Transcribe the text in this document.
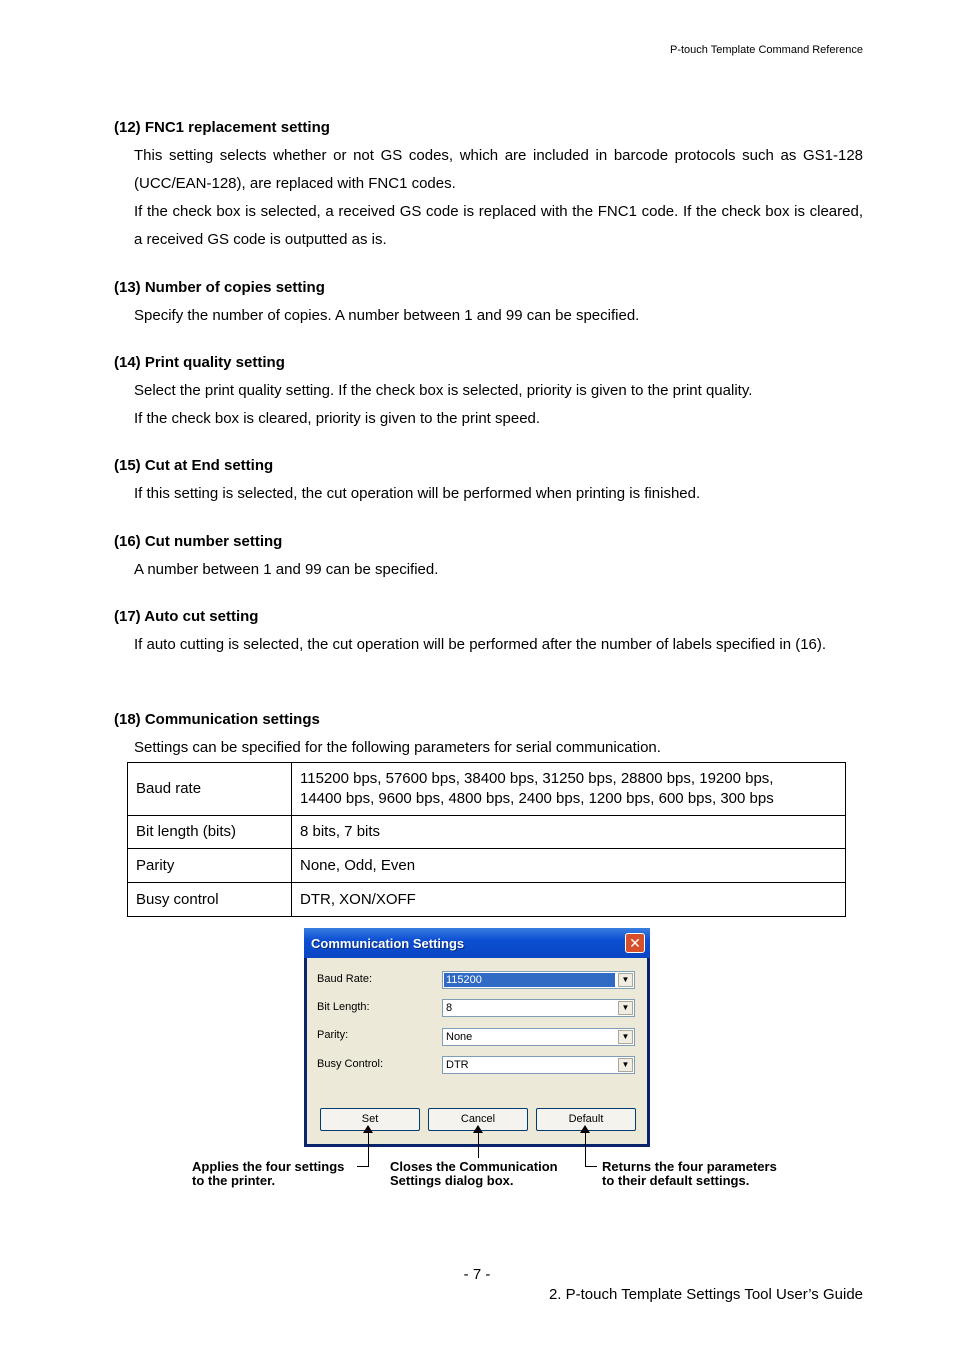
P-touch Template Command Reference
(12) FNC1 replacement setting
This setting selects whether or not GS codes, which are included in barcode protocols such as GS1-128 (UCC/EAN-128), are replaced with FNC1 codes.
If the check box is selected, a received GS code is replaced with the FNC1 code. If the check box is cleared, a received GS code is outputted as is.
(13) Number of copies setting
Specify the number of copies. A number between 1 and 99 can be specified.
(14) Print quality setting
Select the print quality setting. If the check box is selected, priority is given to the print quality.
If the check box is cleared, priority is given to the print speed.
(15) Cut at End setting
If this setting is selected, the cut operation will be performed when printing is finished.
(16) Cut number setting
A number between 1 and 99 can be specified.
(17) Auto cut setting
If auto cutting is selected, the cut operation will be performed after the number of labels specified in (16).
(18) Communication settings
Settings can be specified for the following parameters for serial communication.
Baud rate	115200 bps, 57600 bps, 38400 bps, 31250 bps, 28800 bps, 19200 bps,
14400 bps, 9600 bps, 4800 bps, 2400 bps, 1200 bps, 600 bps, 300 bps

Bit length (bits)	8 bits, 7 bits
Parity	None, Odd, Even
Busy control	DTR, XON/XOFF
Communication Settings	✕
Baud Rate:	115200	▼
Bit Length:	8	▼
Parity:	None	▼
Busy Control:	DTR	▼
Set	Cancel	Default
Applies the four settings
to the printer.
Closes the Communication
Settings dialog box.
Returns the four parameters
to their default settings.
- 7 -
2. P-touch Template Settings Tool User’s Guide
